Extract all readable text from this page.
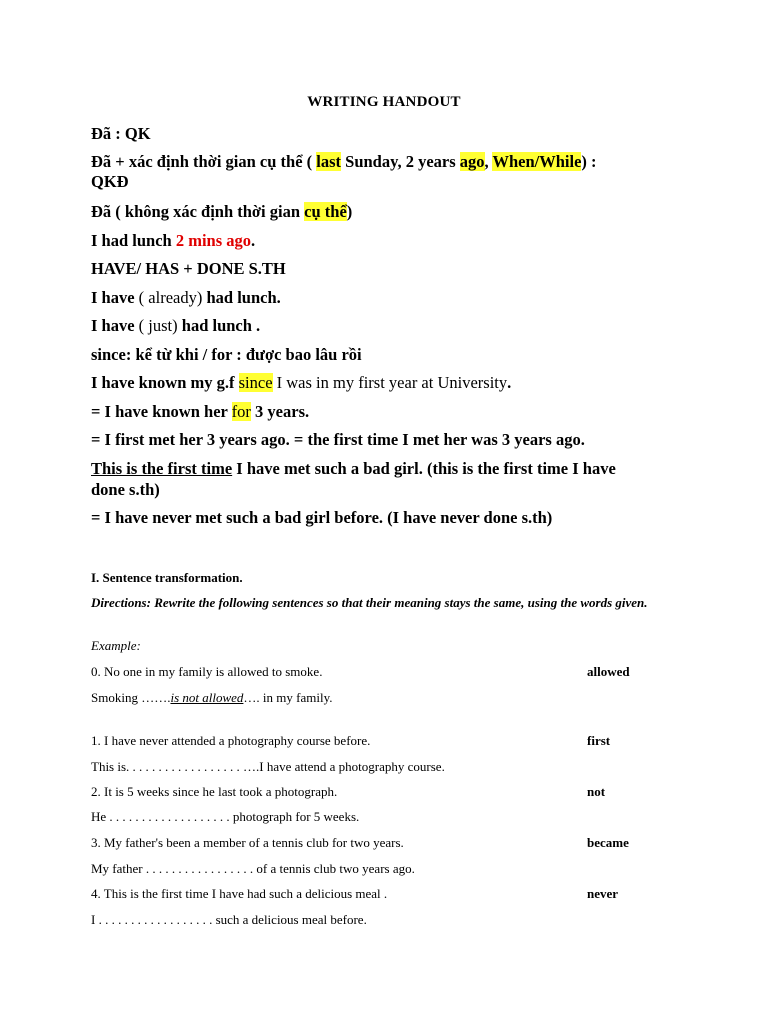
WRITING HANDOUT
Đã : QK
Đã + xác định thời gian cụ thể ( last Sunday, 2 years ago, When/While) :
QKĐ
Đã ( không xác định thời gian cụ thể)
I had lunch 2 mins ago.
HAVE/ HAS + DONE S.TH
I have ( already) had lunch.
I have ( just) had lunch .
since: kể từ khi / for : được bao lâu rồi
I have known my g.f since I was in my first year at University.
= I have known her for 3 years.
= I first met her 3 years ago. = the first time I met her was 3 years ago.
This is the first time I have met such a bad girl. (this is the first time I have
done s.th)
= I have never met such a bad girl before. (I have never done s.th)
I. Sentence transformation.
Directions: Rewrite the following sentences so that their meaning stays the same, using the words given.
Example:
0. No one in my family is allowed to smoke.	allowed
Smoking …….is not allowed…. in my family.
1. I have never attended a photography course before.	first
This is. . . . . . . . . . . . . . . . . . ….I have attend a photography course.
2. It is 5 weeks since he last took a photograph.	not
He . . . . . . . . . . . . . . . . . . . photograph for 5 weeks.
3. My father's been a member of a tennis club for two years.	became
My father . . . . . . . . . . . . . . . . . of a tennis club two years ago.
4. This is the first time I have had such a delicious meal .	never
I . . . . . . . . . . . . . . . . . . such a delicious meal before.
